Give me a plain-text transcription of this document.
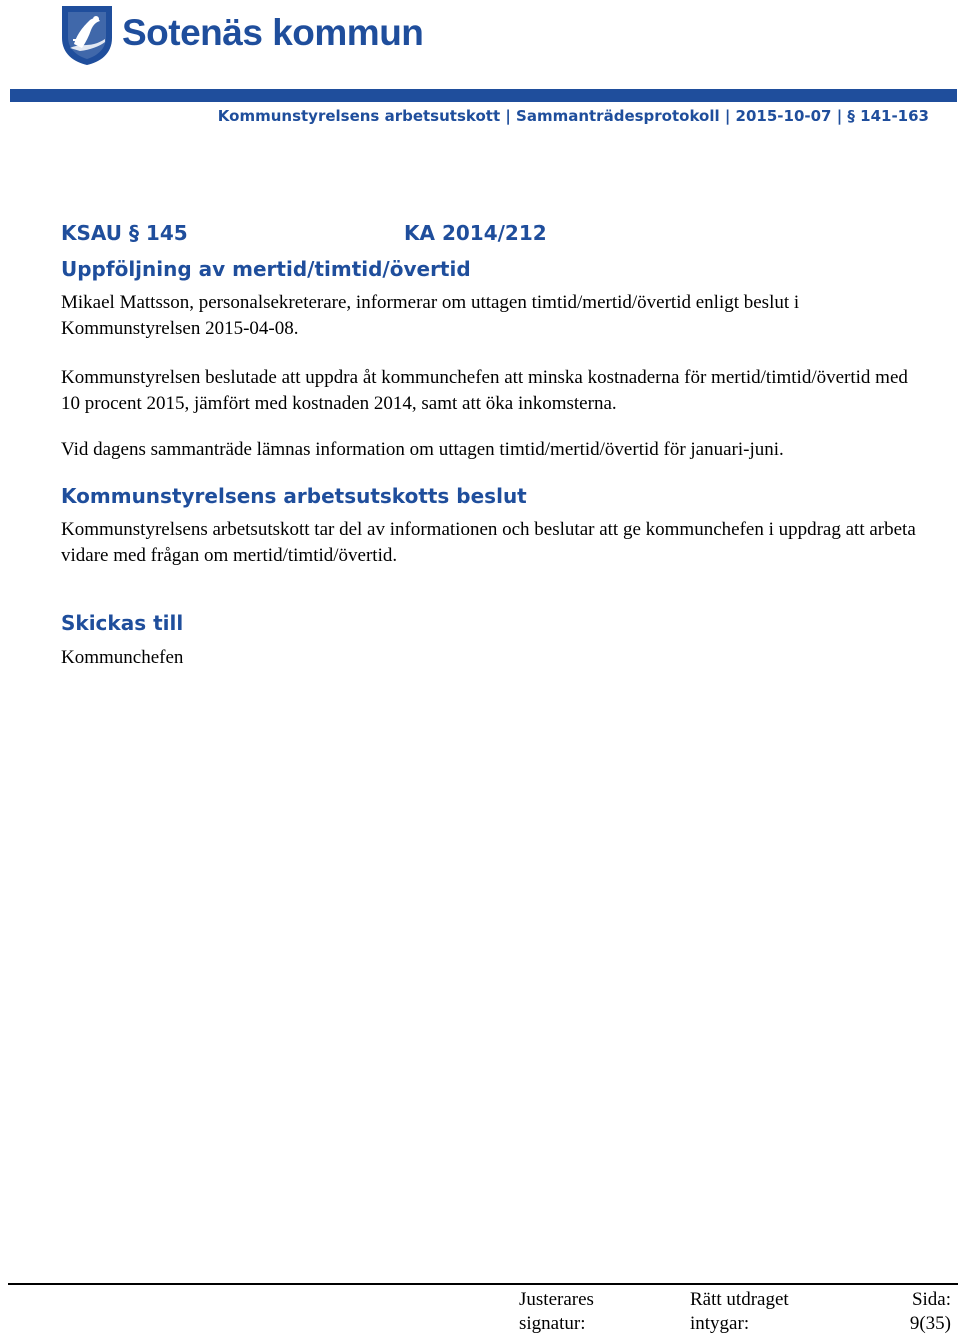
Sotenäs kommun
Kommunstyrelsens arbetsutskott | Sammanträdesprotokoll | 2015-10-07 | § 141-163
KSAU § 145	KA 2014/212
Uppföljning av mertid/timtid/övertid
Mikael Mattsson, personalsekreterare, informerar om uttagen timtid/mertid/övertid enligt beslut i Kommunstyrelsen 2015-04-08.
Kommunstyrelsen beslutade att uppdra åt kommunchefen att minska kostnaderna för mertid/timtid/övertid med 10 procent 2015, jämfört med kostnaden 2014, samt att öka inkomsterna.
Vid dagens sammanträde lämnas information om uttagen timtid/mertid/övertid för januari-juni.
Kommunstyrelsens arbetsutskotts beslut
Kommunstyrelsens arbetsutskott tar del av informationen och beslutar att ge kommunchefen i uppdrag att arbeta vidare med frågan om mertid/timtid/övertid.
Skickas till
Kommunchefen
Justerares
signatur:
Rätt utdraget
intygar:
Sida:
9(35)
